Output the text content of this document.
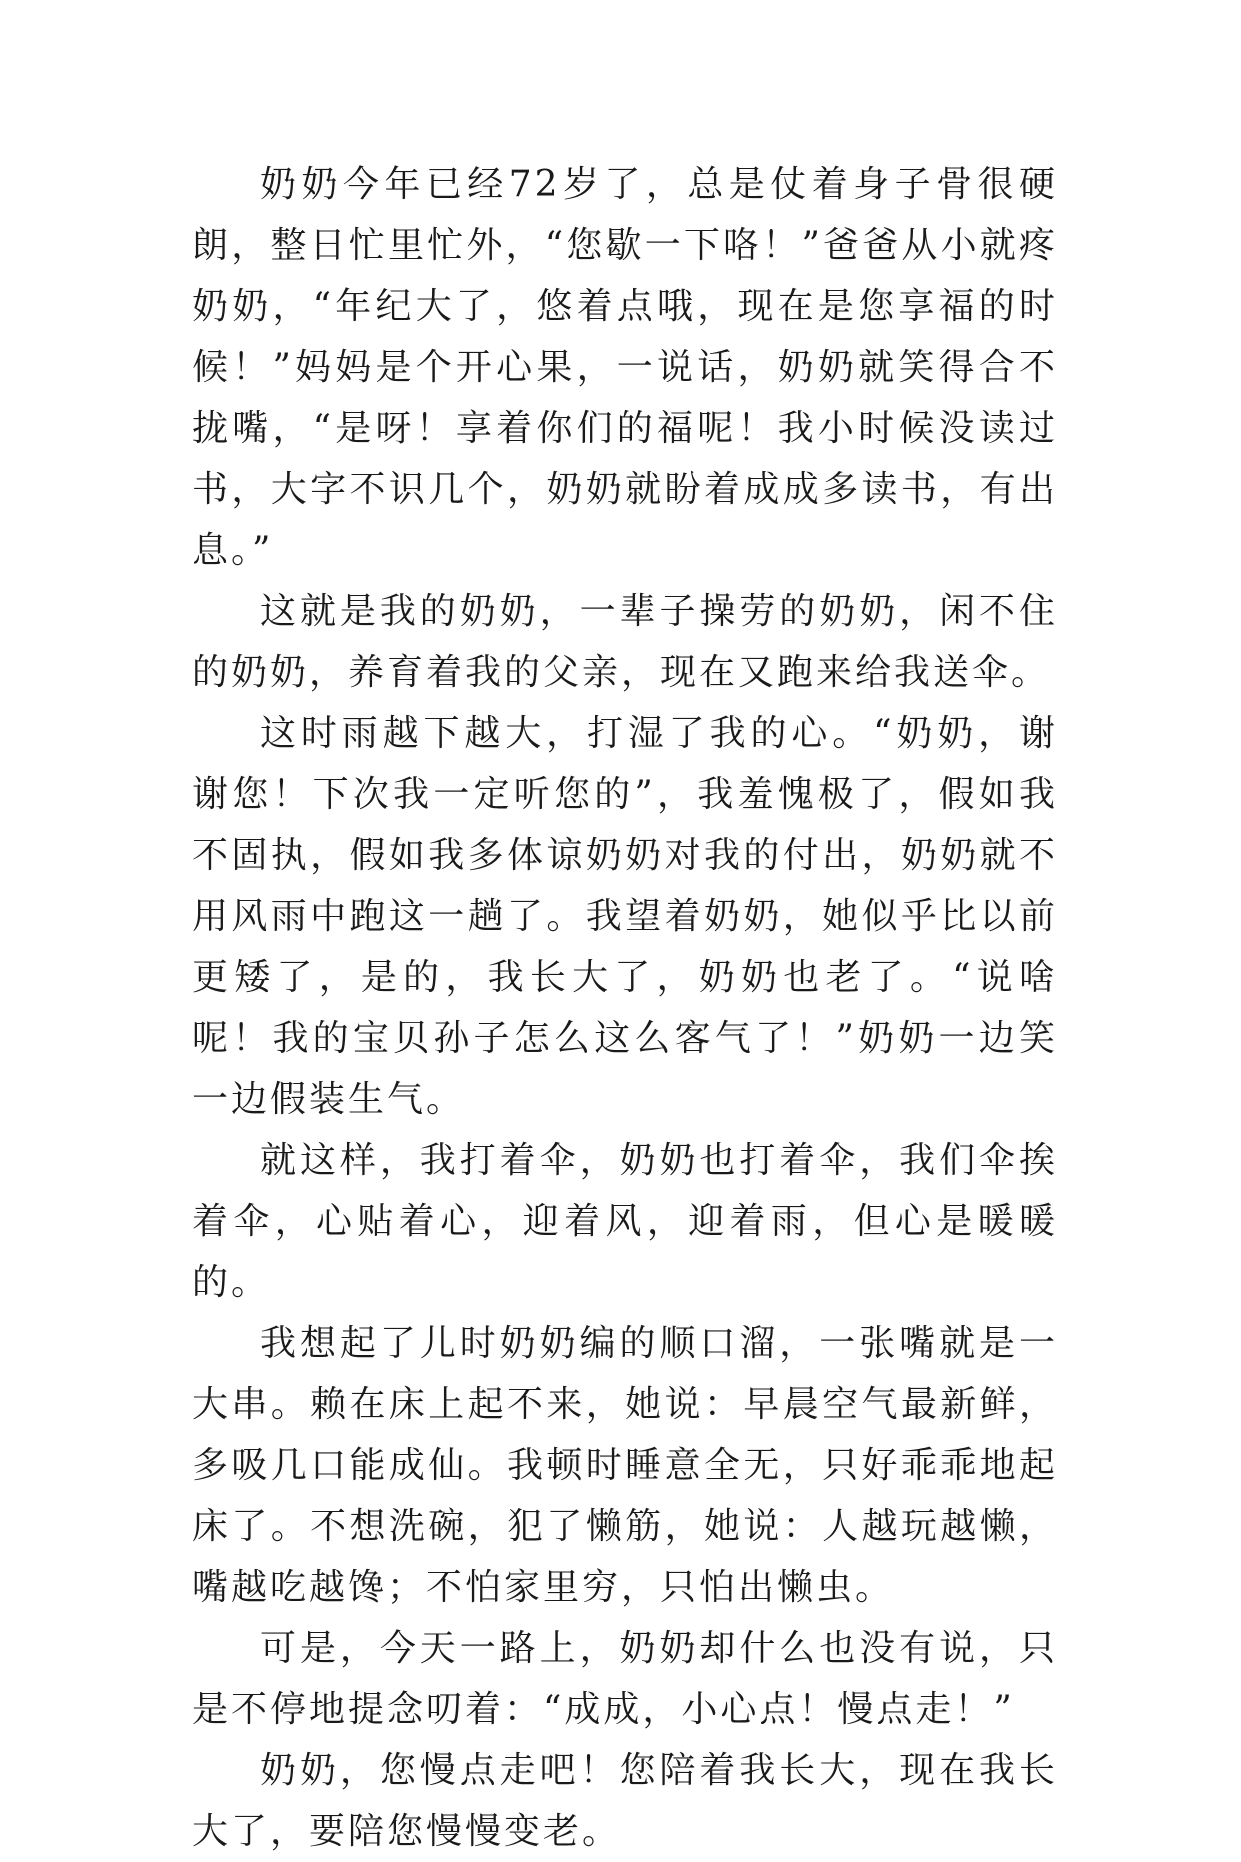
奶奶今年已经72岁了，总是仗着身子骨很硬朗，整日忙里忙外，“您歇一下咯！”爸爸从小就疼奶奶，“年纪大了，悠着点哦，现在是您享福的时候！”妈妈是个开心果，一说话，奶奶就笑得合不拢嘴，“是呀！享着你们的福呢！我小时候没读过书，大字不识几个，奶奶就盼着成成多读书，有出息。”

这就是我的奶奶，一辈子操劳的奶奶，闲不住的奶奶，养育着我的父亲，现在又跑来给我送伞。

这时雨越下越大，打湿了我的心。“奶奶，谢谢您！下次我一定听您的”，我羞愧极了，假如我不固执，假如我多体谅奶奶对我的付出，奶奶就不用风雨中跑这一趟了。我望着奶奶，她似乎比以前更矮了，是的，我长大了，奶奶也老了。“说啥呢！我的宝贝孙子怎么这么客气了！”奶奶一边笑一边假装生气。

就这样，我打着伞，奶奶也打着伞，我们伞挨着伞，心贴着心，迎着风，迎着雨，但心是暖暖的。

我想起了儿时奶奶编的顺口溜，一张嘴就是一大串。赖在床上起不来，她说：早晨空气最新鲜，多吸几口能成仙。我顿时睡意全无，只好乖乖地起床了。不想洗碗，犯了懒筋，她说：人越玩越懒，嘴越吃越馋；不怕家里穷，只怕出懒虫。

可是，今天一路上，奶奶却什么也没有说，只是不停地提念叨着：“成成，小心点！慢点走！”

奶奶，您慢点走吧！您陪着我长大，现在我长大了，要陪您慢慢变老。
